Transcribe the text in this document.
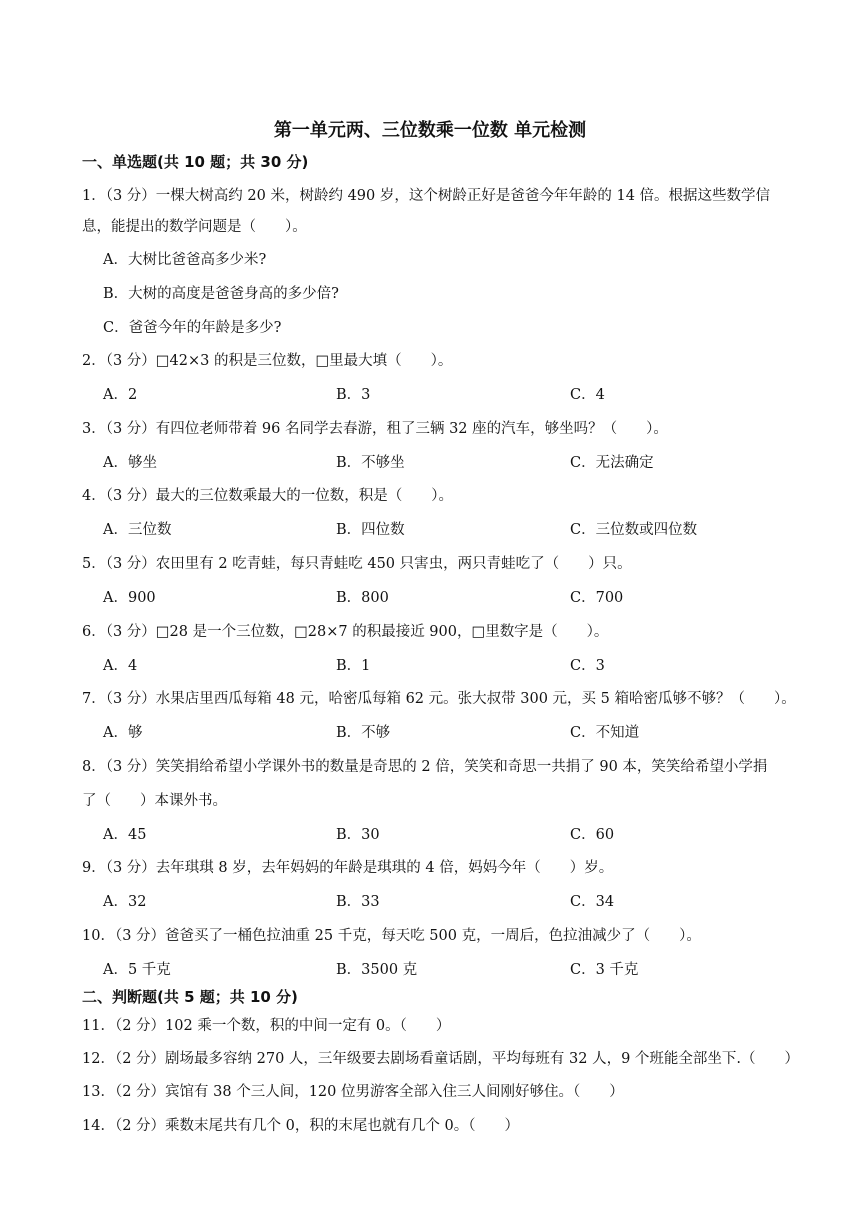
第一单元两、三位数乘一位数 单元检测
一、单选题(共 10 题；共 30 分)
1．（3 分）一棵大树高约 20 米，树龄约 490 岁，这个树龄正好是爸爸今年年龄的 14 倍。根据这些数学信
息，能提出的数学问题是（　　）。
A．大树比爸爸高多少米?
B．大树的高度是爸爸身高的多少倍?
C．爸爸今年的年龄是多少?
2．（3 分）□42×3 的积是三位数，□里最大填（　　）。
A．2	B．3	C．4
3．（3 分）有四位老师带着 96 名同学去春游，租了三辆 32 座的汽车，够坐吗？（　　）。
A．够坐	B．不够坐	C．无法确定
4．（3 分）最大的三位数乘最大的一位数，积是（　　）。
A．三位数	B．四位数	C．三位数或四位数
5．（3 分）农田里有 2 吃青蛙，每只青蛙吃 450 只害虫，两只青蛙吃了（　　）只。
A．900	B．800	C．700
6．（3 分）□28 是一个三位数，□28×7 的积最接近 900，□里数字是（　　）。
A．4	B．1	C．3
7．（3 分）水果店里西瓜每箱 48 元，哈密瓜每箱 62 元。张大叔带 300 元，买 5 箱哈密瓜够不够？（　　）。
A．够	B．不够	C．不知道
8．（3 分）笑笑捐给希望小学课外书的数量是奇思的 2 倍，笑笑和奇思一共捐了 90 本，笑笑给希望小学捐
了（　　）本课外书。
A．45	B．30	C．60
9．（3 分）去年琪琪 8 岁，去年妈妈的年龄是琪琪的 4 倍，妈妈今年（　　）岁。
A．32	B．33	C．34
10．（3 分）爸爸买了一桶色拉油重 25 千克，每天吃 500 克，一周后，色拉油减少了（　　）。
A．5 千克	B．3500 克	C．3 千克
二、判断题(共 5 题；共 10 分)
11．（2 分）102 乘一个数，积的中间一定有 0。（　　）
12．（2 分）剧场最多容纳 270 人，三年级要去剧场看童话剧，平均每班有 32 人，9 个班能全部坐下.（　　）
13．（2 分）宾馆有 38 个三人间，120 位男游客全部入住三人间刚好够住。（　　）
14．（2 分）乘数末尾共有几个 0，积的末尾也就有几个 0。（　　）
